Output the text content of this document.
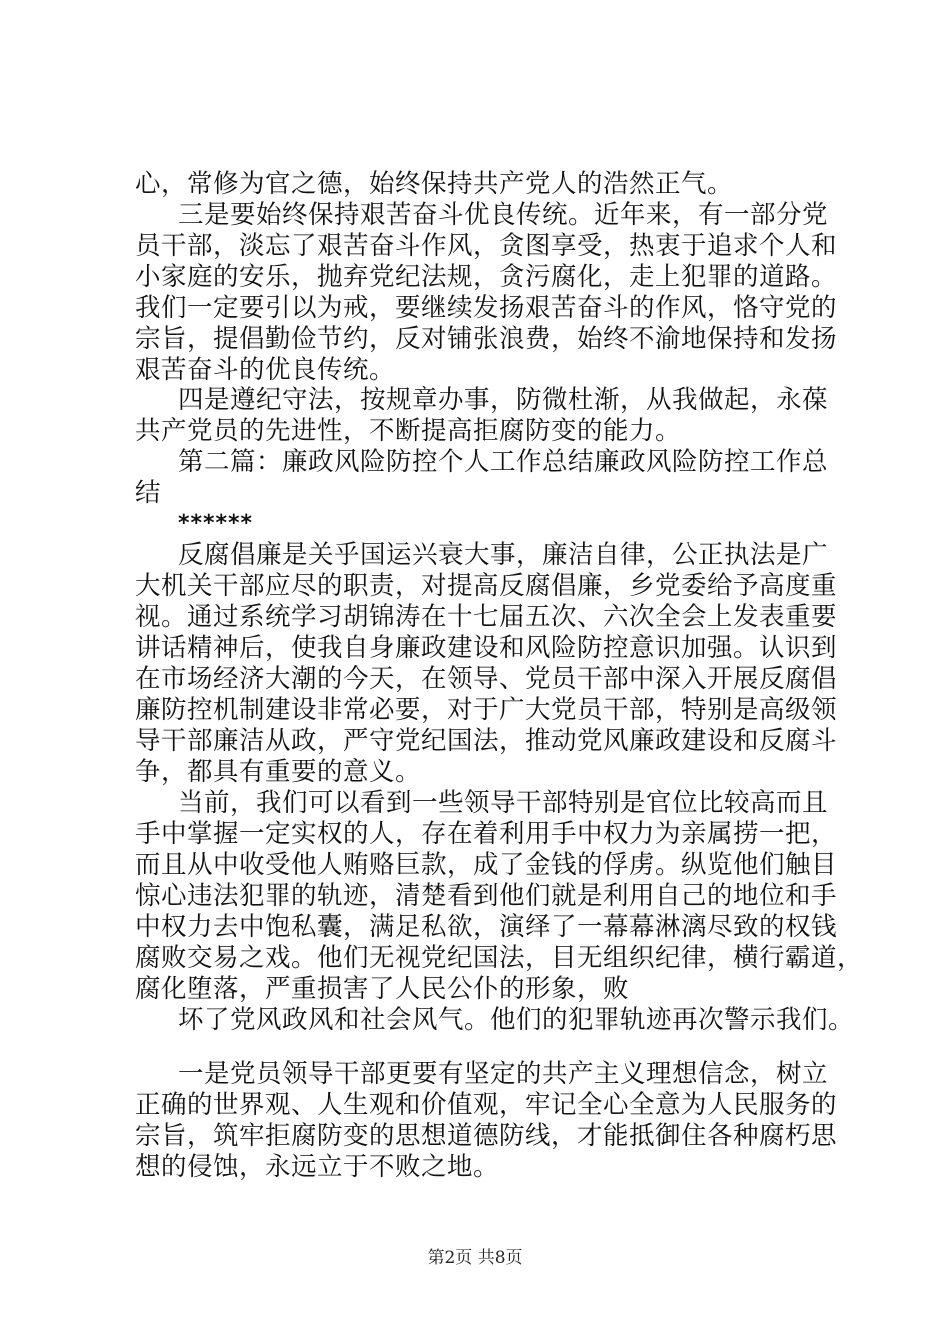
心，常修为官之德，始终保持共产党人的浩然正气。
三是要始终保持艰苦奋斗优良传统。近年来，有一部分党
员干部，淡忘了艰苦奋斗作风，贪图享受，热衷于追求个人和
小家庭的安乐，抛弃党纪法规，贪污腐化，走上犯罪的道路。
我们一定要引以为戒，要继续发扬艰苦奋斗的作风，恪守党的
宗旨，提倡勤俭节约，反对铺张浪费，始终不渝地保持和发扬
艰苦奋斗的优良传统。
四是遵纪守法，按规章办事，防微杜渐，从我做起，永葆
共产党员的先进性，不断提高拒腐防变的能力。
第二篇：廉政风险防控个人工作总结廉政风险防控工作总
结
******
反腐倡廉是关乎国运兴衰大事，廉洁自律，公正执法是广
大机关干部应尽的职责，对提高反腐倡廉，乡党委给予高度重
视。通过系统学习胡锦涛在十七届五次、六次全会上发表重要
讲话精神后，使我自身廉政建设和风险防控意识加强。认识到
在市场经济大潮的今天，在领导、党员干部中深入开展反腐倡
廉防控机制建设非常必要，对于广大党员干部，特别是高级领
导干部廉洁从政，严守党纪国法，推动党风廉政建设和反腐斗
争，都具有重要的意义。
当前，我们可以看到一些领导干部特别是官位比较高而且
手中掌握一定实权的人，存在着利用手中权力为亲属捞一把，
而且从中收受他人贿赂巨款，成了金钱的俘虏。纵览他们触目
惊心违法犯罪的轨迹，清楚看到他们就是利用自己的地位和手
中权力去中饱私囊，满足私欲，演绎了一幕幕淋漓尽致的权钱
腐败交易之戏。他们无视党纪国法，目无组织纪律，横行霸道，
腐化堕落，严重损害了人民公仆的形象，败
坏了党风政风和社会风气。他们的犯罪轨迹再次警示我们。
一是党员领导干部更要有坚定的共产主义理想信念，树立
正确的世界观、人生观和价值观，牢记全心全意为人民服务的
宗旨，筑牢拒腐防变的思想道德防线，才能抵御住各种腐朽思
想的侵蚀，永远立于不败之地。
第2页 共8页
